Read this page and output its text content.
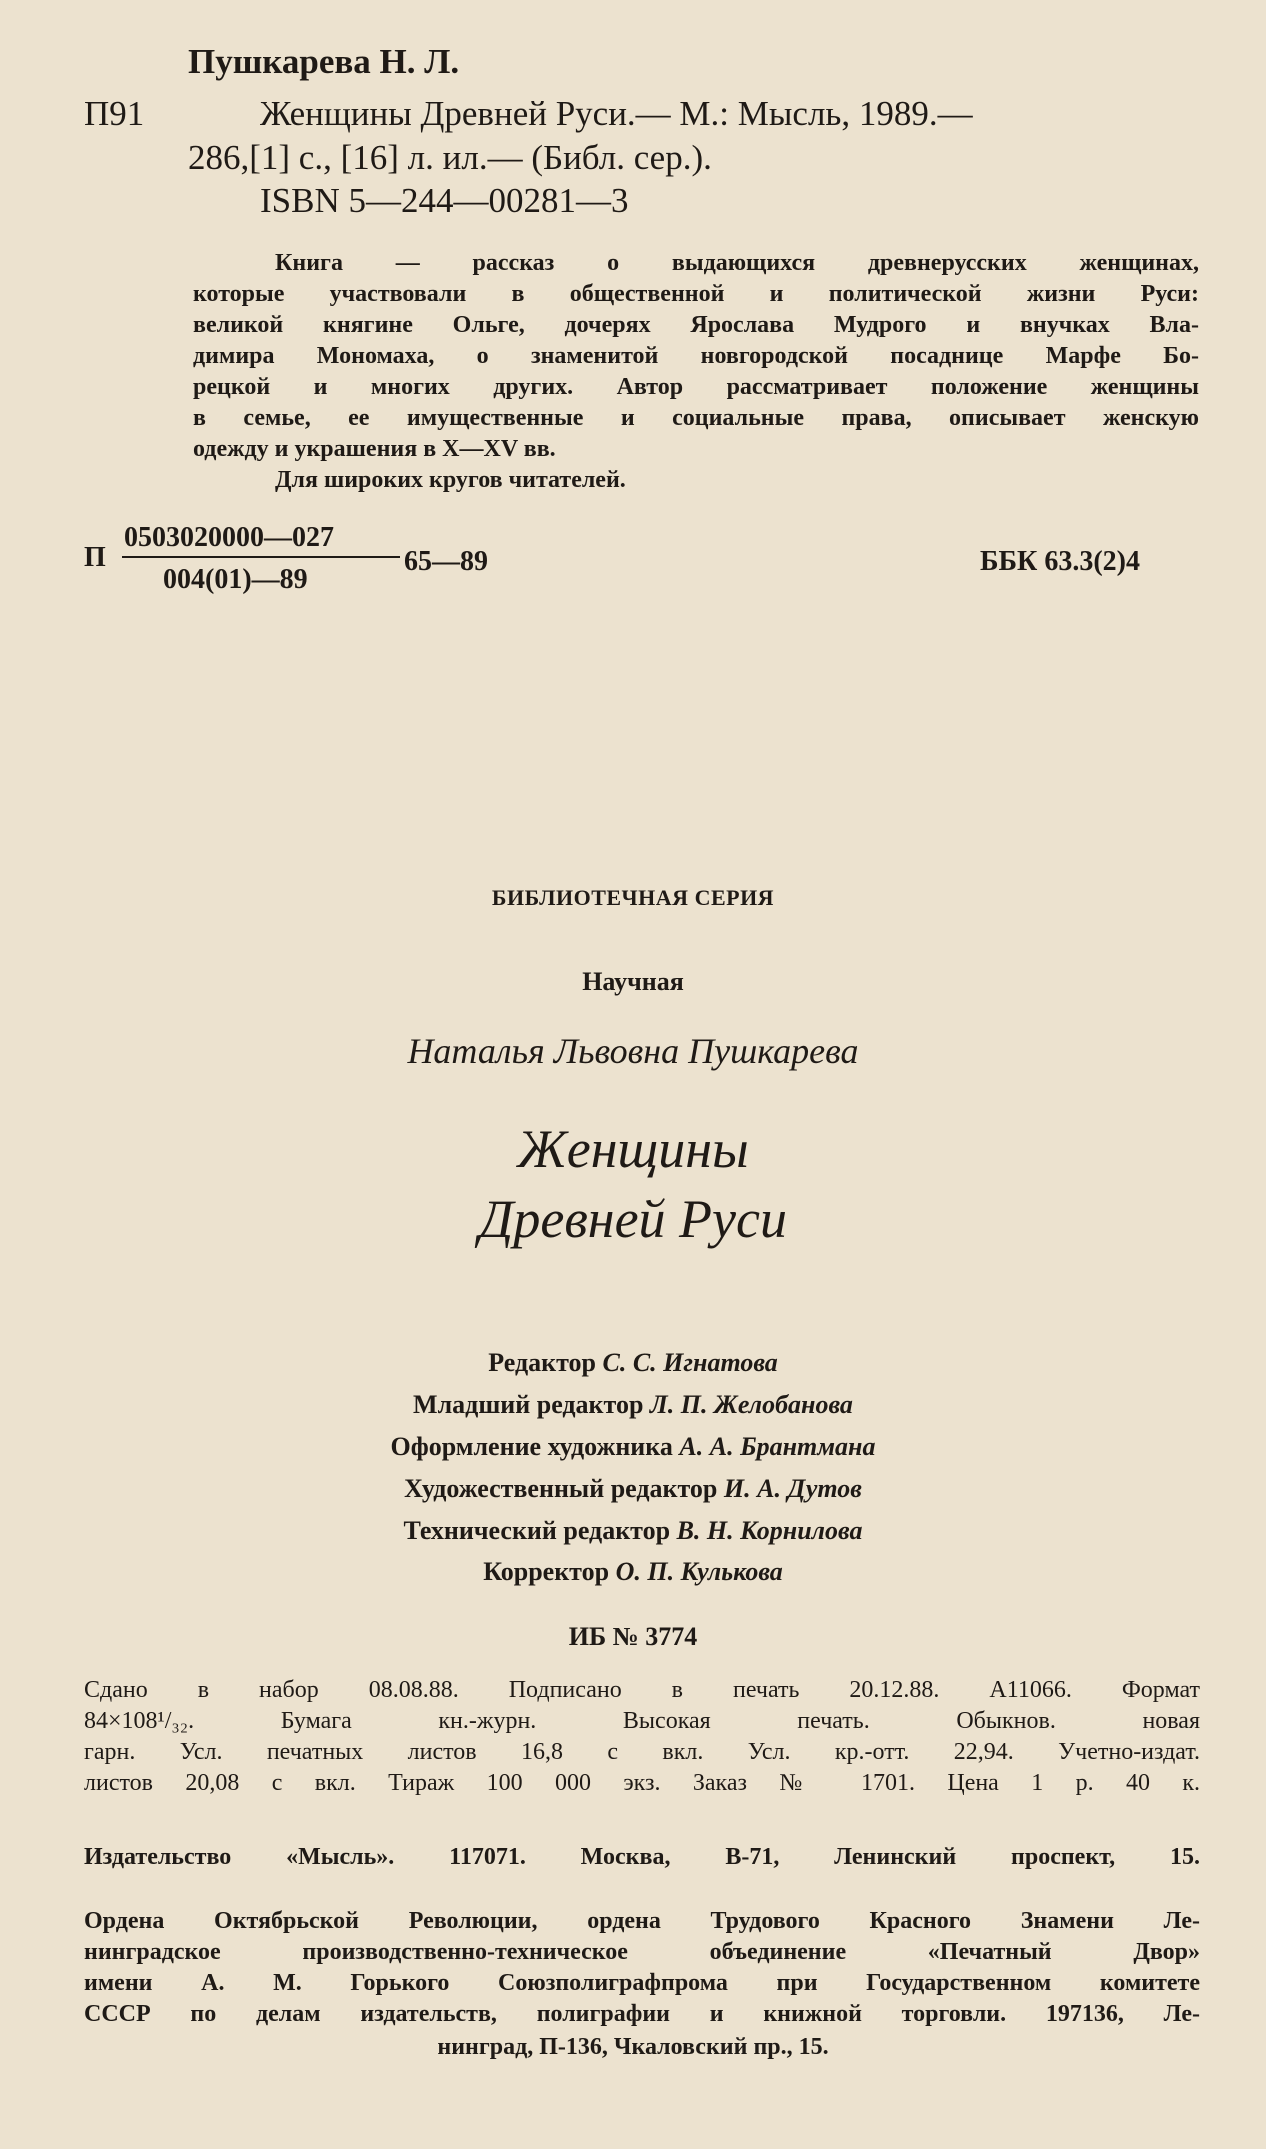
Пушкарева Н. Л.
П91	Женщины Древней Руси.— М.: Мысль, 1989.—
286,[1] с., [16] л. ил.— (Библ. сер.).
ISBN 5—244—00281—3
Книга — рассказ о выдающихся древнерусских женщинах,
которые участвовали в общественной и политической жизни Руси:
великой княгине Ольге, дочерях Ярослава Мудрого и внучках Вла-
димира Мономаха, о знаменитой новгородской посаднице Марфе Бо-
рецкой и многих других. Автор рассматривает положение женщины
в семье, ее имущественные и социальные права, описывает женскую
одежду и украшения в X—XV вв.
Для широких кругов читателей.
П
0503020000—027
004(01)—89
65—89	ББК 63.3(2)4
БИБЛИОТЕЧНАЯ СЕРИЯ
Научная
Наталья Львовна Пушкарева
Женщины
Древней Руси
Редактор С. С. Игнатова
Младший редактор Л. П. Желобанова
Оформление художника А. А. Брантмана
Художественный редактор И. А. Дутов
Технический редактор В. Н. Корнилова
Корректор О. П. Кулькова
ИБ № 3774
Сдано в набор 08.08.88. Подписано в печать 20.12.88. А11066. Формат
84×108¹/₃₂. Бумага кн.-журн. Высокая печать. Обыкнов. новая
гарн. Усл. печатных листов 16,8 с вкл. Усл. кр.-отт. 22,94. Учетно-издат.
листов 20,08 с вкл. Тираж 100 000 экз. Заказ № 1701. Цена 1 р. 40 к.
Издательство «Мысль». 117071. Москва, В-71, Ленинский проспект, 15.
Ордена Октябрьской Революции, ордена Трудового Красного Знамени Ле-
нинградское производственно-техническое объединение «Печатный Двор»
имени А. М. Горького Союзполиграфпрома при Государственном комитете
СССР по делам издательств, полиграфии и книжной торговли. 197136, Ле-
нинград, П-136, Чкаловский пр., 15.
